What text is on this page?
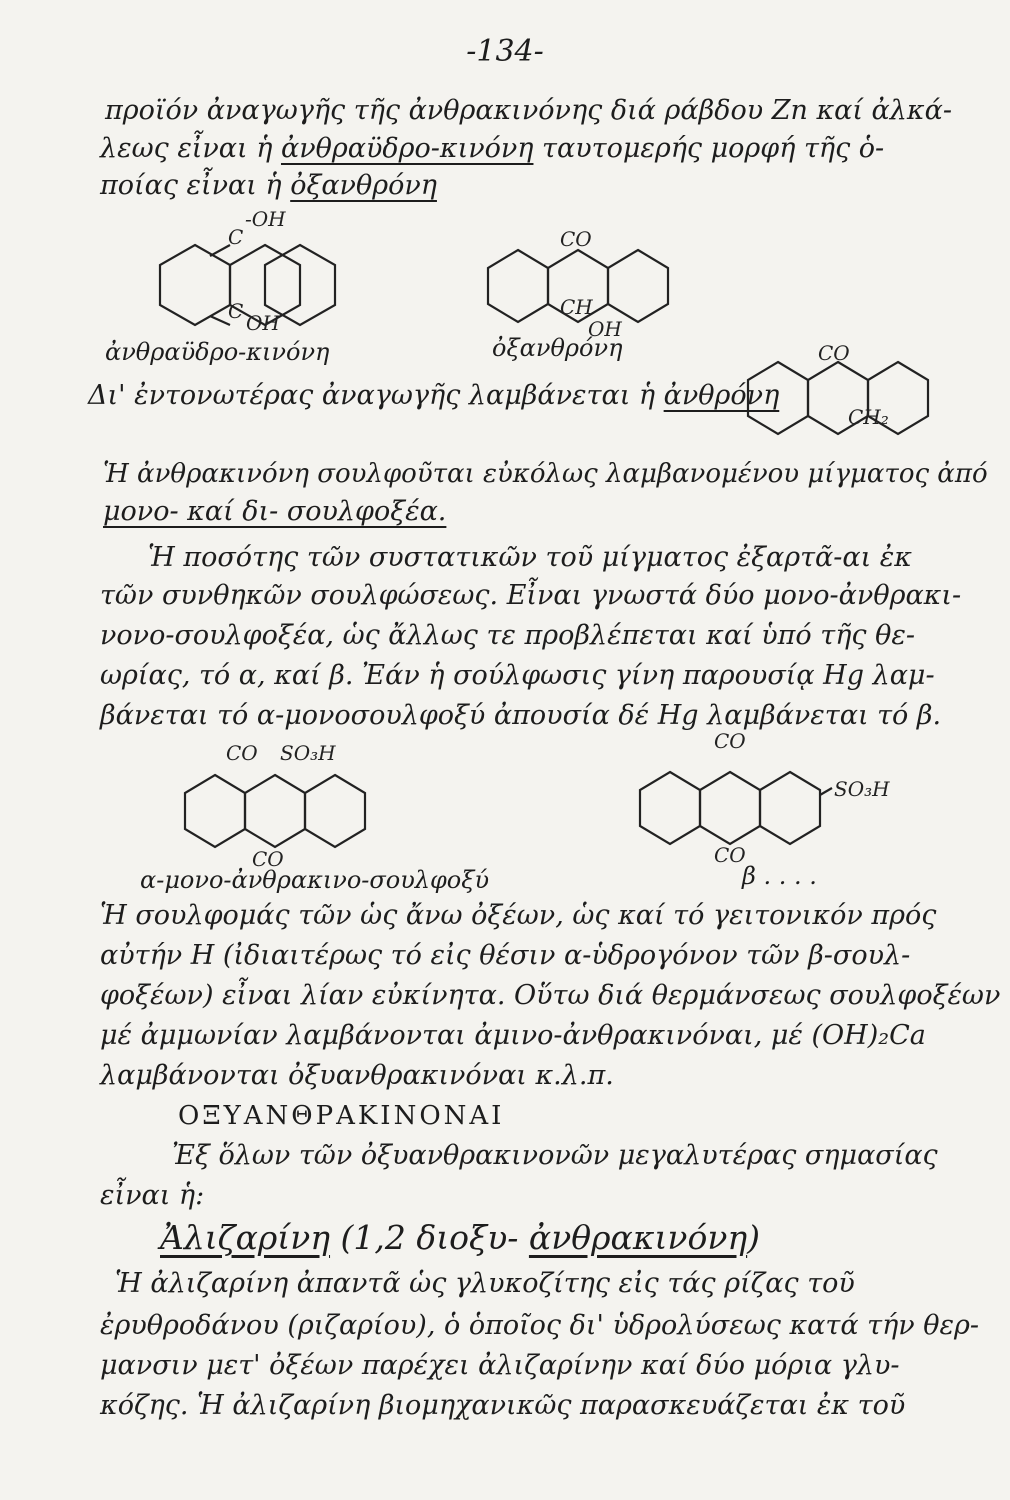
-134-
προϊόν ἀναγωγῆς τῆς ἀνθρακινόνης διά ράβδου Zn καί ἀλκά-
λεως εἶναι ἡ ἀνθραϋδρο-κινόνη ταυτομερής μορφή τῆς ὁ-
ποίας εἶναι ἡ ὀξανθρόνη
C
-OH
C OH
CO
CH
OH
CO
CH₂
CO SO₃H
CO
CO
SO₃H
CO
ἀνθραϋδρο-κινόνη	ὀξανθρόνη
Δι' ἐντονωτέρας ἀναγωγῆς λαμβάνεται ἡ ἀνθρόνη
Ἡ ἀνθρακινόνη σουλφοῦται εὐκόλως λαμβανομένου μίγματος ἀπό
μονο- καί δι- σουλφοξέα.
Ἡ ποσότης τῶν συστατικῶν τοῦ μίγματος ἐξαρτᾶ-αι ἐκ
τῶν συνθηκῶν σουλφώσεως. Εἶναι γνωστά δύο μονο-ἀνθρακι-
νονο-σουλφοξέα, ὡς ἄλλως τε προβλέπεται καί ὑπό τῆς θε-
ωρίας, τό α, καί β. Ἐάν ἡ σούλφωσις γίνη παρουσίᾳ Hg λαμ-
βάνεται τό α-μονοσουλφοξύ ἀπουσία δέ Hg λαμβάνεται τό β.
α-μονο-ἀνθρακινο-σουλφοξύ	β . . . .
Ἡ σουλφομάς τῶν ὡς ἄνω ὀξέων, ὡς καί τό γειτονικόν πρός
αὐτήν H (ἰδιαιτέρως τό εἰς θέσιν α-ὑδρογόνον τῶν β-σουλ-
φοξέων) εἶναι λίαν εὐκίνητα. Οὕτω διά θερμάνσεως σουλφοξέων
μέ ἀμμωνίαν λαμβάνονται ἀμινο-ἀνθρακινόναι, μέ (OH)₂Ca
λαμβάνονται ὀξυανθρακινόναι κ.λ.π.
ΟΞΥΑΝΘΡΑΚΙΝΟΝΑΙ
Ἐξ ὅλων τῶν ὀξυανθρακινονῶν μεγαλυτέρας σημασίας
εἶναι ἡ:
Ἀλιζαρίνη (1,2 διοξυ- ἀνθρακινόνη)
Ἡ ἀλιζαρίνη ἀπαντᾶ ὡς γλυκοζίτης εἰς τάς ρίζας τοῦ
ἐρυθροδάνου (ριζαρίου), ὁ ὁποῖος δι' ὑδρολύσεως κατά τήν θερ-
μανσιν μετ' ὀξέων παρέχει ἀλιζαρίνην καί δύο μόρια γλυ-
κόζης. Ἡ ἀλιζαρίνη βιομηχανικῶς παρασκευάζεται ἐκ τοῦ
